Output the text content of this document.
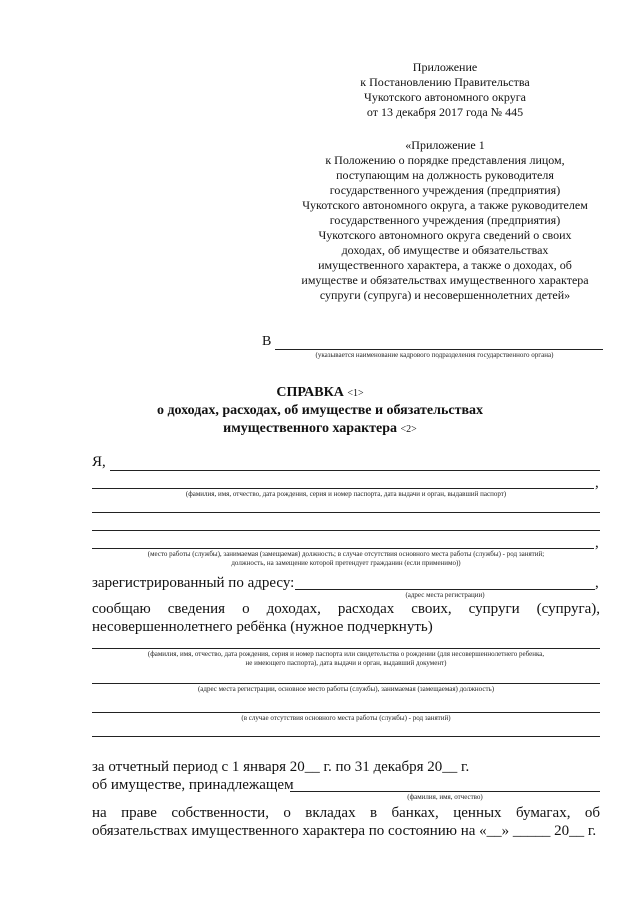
Приложение
к Постановлению Правительства
Чукотского автономного округа
от 13 декабря 2017 года № 445
«Приложение 1
к Положению о порядке представления лицом,
поступающим на должность руководителя
государственного учреждения (предприятия)
Чукотского автономного округа, а также руководителем
государственного учреждения (предприятия)
Чукотского автономного округа сведений о своих
доходах, об имуществе и обязательствах
имущественного характера, а также о доходах, об
имуществе и обязательствах имущественного характера
супруги (супруга) и несовершеннолетних детей»
В
(указывается наименование кадрового подразделения государственного органа)
СПРАВКА <1>
о доходах, расходах, об имуществе и обязательствах
имущественного характера <2>
Я,
,
(фамилия, имя, отчество, дата рождения, серия и номер паспорта, дата выдачи и орган, выдавший паспорт)
,
(место работы (службы), занимаемая (замещаемая) должность; в случае отсутствия основного места работы (службы) - род занятий;
должность, на замещение которой претендует гражданин (если применимо))
зарегистрированный по адресу:	,
(адрес места регистрации)
сообщаю сведения о доходах, расходах своих, супруги (супруга),
несовершеннолетнего ребёнка (нужное подчеркнуть)
(фамилия, имя, отчество, дата рождения, серия и номер паспорта или свидетельства о рождении (для несовершеннолетнего ребенка,
не имеющего паспорта), дата выдачи и орган, выдавший документ)
(адрес места регистрации, основное место работы (службы), занимаемая (замещаемая) должность)
(в случае отсутствия основного места работы (службы) - род занятий)
за отчетный период с 1 января 20__ г. по 31 декабря 20__ г.
об имуществе, принадлежащем
(фамилия, имя, отчество)
на праве собственности, о вкладах в банках, ценных бумагах, об
обязательствах имущественного характера по состоянию на «__» _____ 20__ г.
